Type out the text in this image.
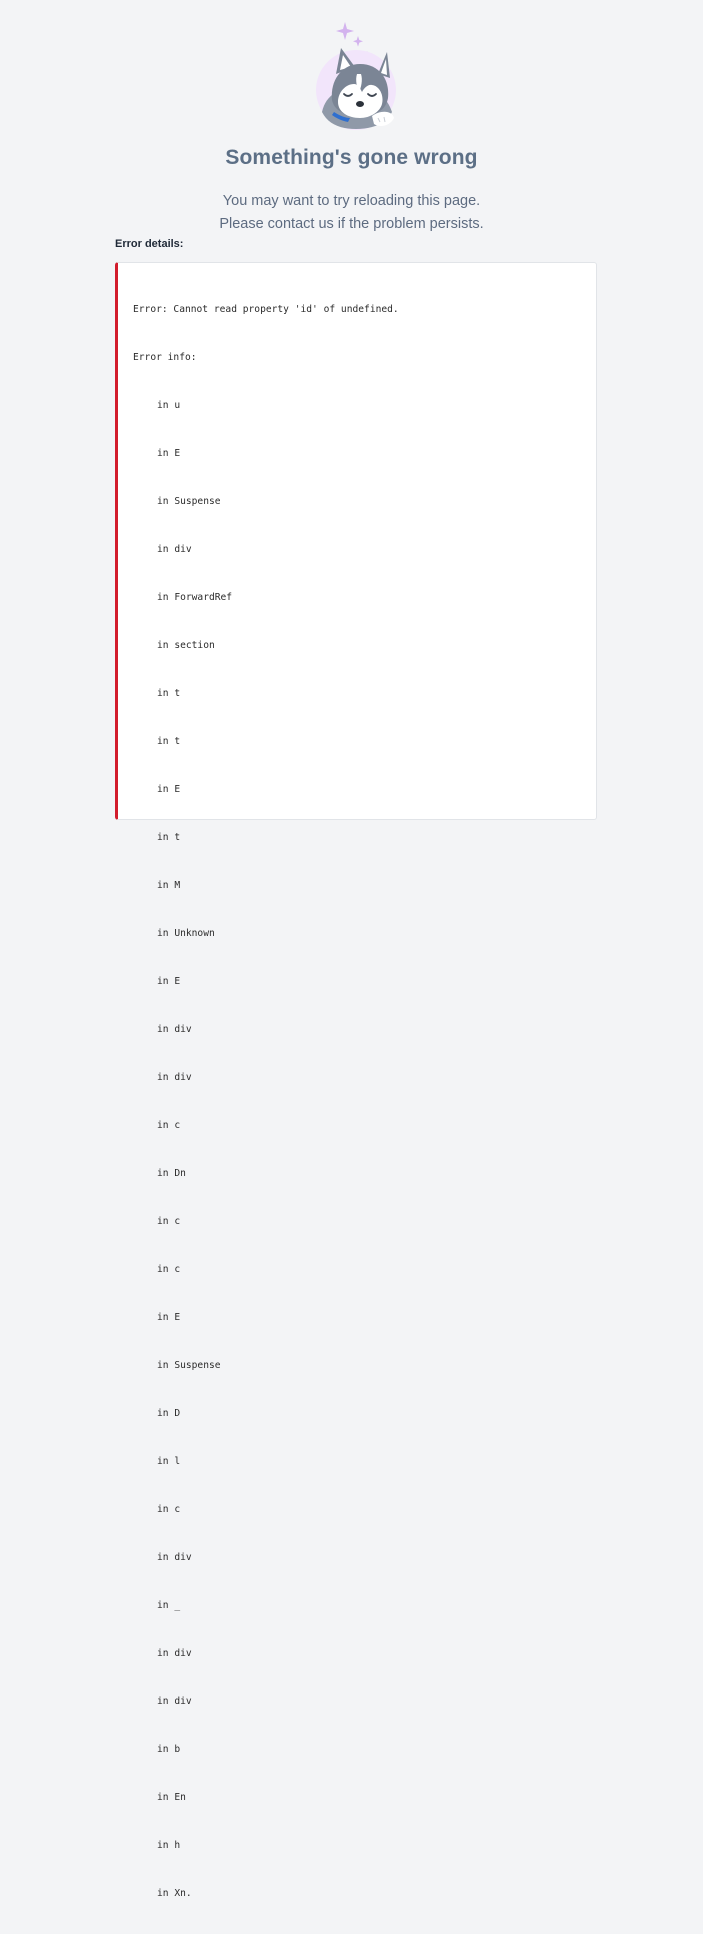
Something's gone wrong
You may want to try reloading this page.
Please contact us if the problem persists.
Error details:

Error: Cannot read property 'id' of undefined.

Error info:

in u

in E

in Suspense

in div

in ForwardRef

in section

in t

in t

in E

in t

in M

in Unknown

in E

in div

in div

in c

in Dn

in c

in c

in E

in Suspense

in D

in l

in c

in div

in _

in div

in div

in b

in En

in h

in Xn.
